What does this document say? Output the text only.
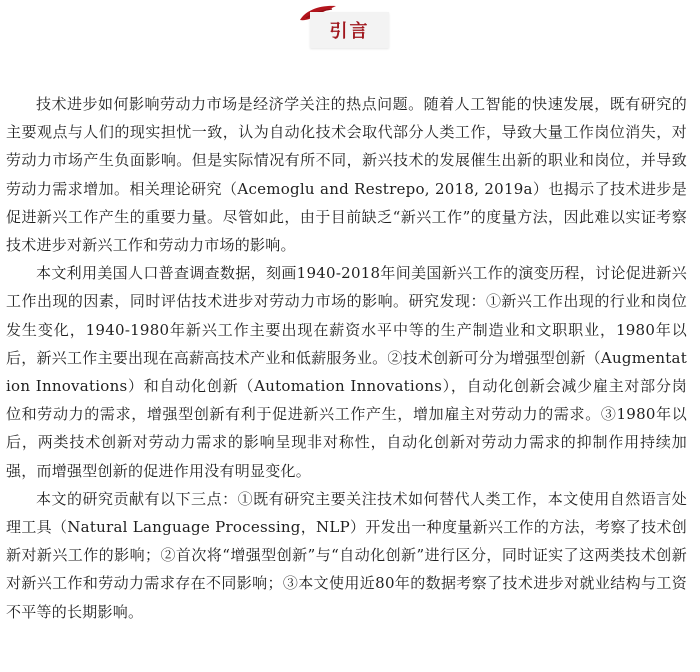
引言

技术进步如何影响劳动力市场是经济学关注的热点问题。随着人工智能的快速发展，既有研究的主要观点与人们的现实担忧一致，认为自动化技术会取代部分人类工作，导致大量工作岗位消失，对劳动力市场产生负面影响。但是实际情况有所不同，新兴技术的发展催生出新的职业和岗位，并导致劳动力需求增加。相关理论研究（Acemoglu and Restrepo, 2018, 2019a）也揭示了技术进步是促进新兴工作产生的重要力量。尽管如此，由于目前缺乏“新兴工作”的度量方法，因此难以实证考察技术进步对新兴工作和劳动力市场的影响。

本文利用美国人口普查调查数据，刻画1940-2018年间美国新兴工作的演变历程，讨论促进新兴工作出现的因素，同时评估技术进步对劳动力市场的影响。研究发现：①新兴工作出现的行业和岗位发生变化，1940-1980年新兴工作主要出现在薪资水平中等的生产制造业和文职职业，1980年以后，新兴工作主要出现在高薪高技术产业和低薪服务业。②技术创新可分为增强型创新（Augmentation Innovations）和自动化创新（Automation Innovations），自动化创新会减少雇主对部分岗位和劳动力的需求，增强型创新有利于促进新兴工作产生，增加雇主对劳动力的需求。③1980年以后，两类技术创新对劳动力需求的影响呈现非对称性，自动化创新对劳动力需求的抑制作用持续加强，而增强型创新的促进作用没有明显变化。

本文的研究贡献有以下三点：①既有研究主要关注技术如何替代人类工作，本文使用自然语言处理工具（Natural Language Processing，NLP）开发出一种度量新兴工作的方法，考察了技术创新对新兴工作的影响；②首次将“增强型创新”与“自动化创新”进行区分，同时证实了这两类技术创新对新兴工作和劳动力需求存在不同影响；③本文使用近80年的数据考察了技术进步对就业结构与工资不平等的长期影响。
